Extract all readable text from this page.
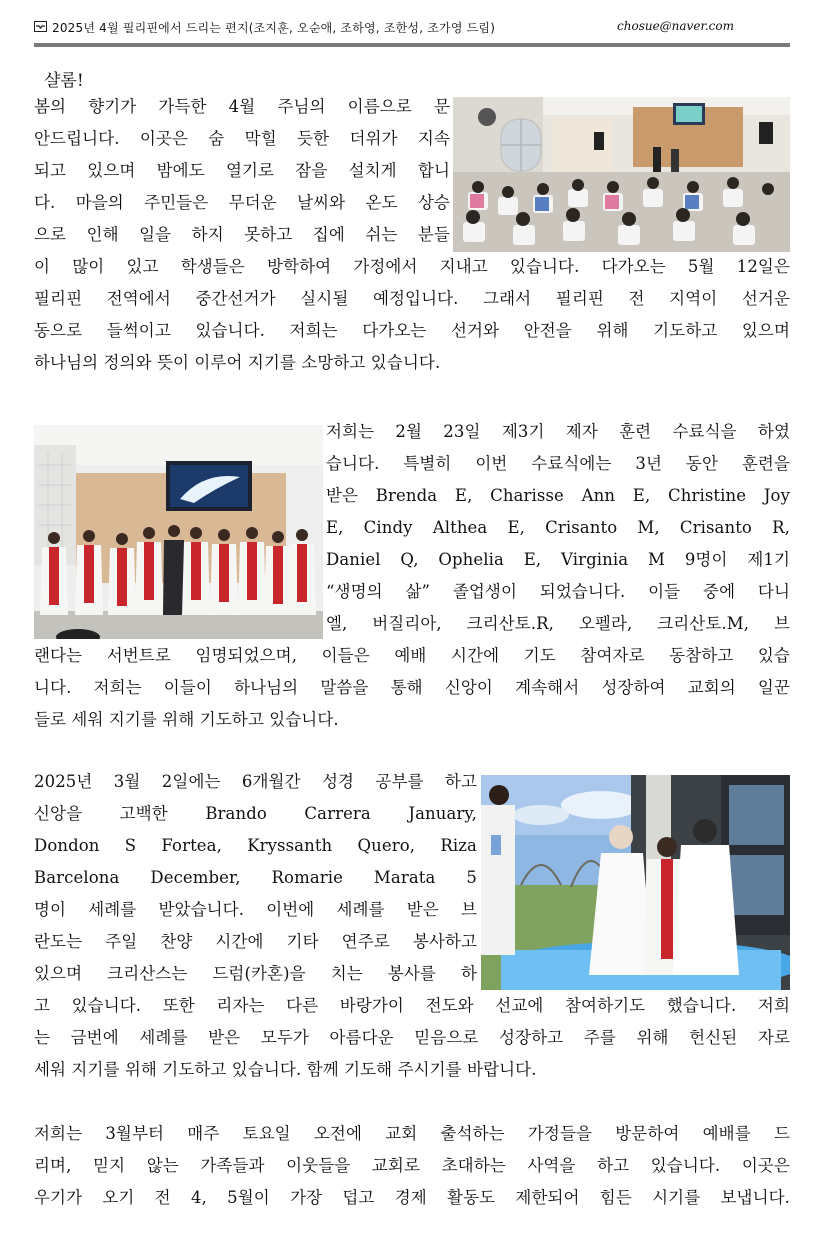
2025년 4월 필리핀에서 드리는 편지(조지훈, 오순애, 조하영, 조한성, 조가영 드림)	chosue@naver.com
샬롬!
봄의 향기가 가득한 4월 주님의 이름으로 문
안드립니다. 이곳은 숨 막힐 듯한 더위가 지속
되고 있으며 밤에도 열기로 잠을 설치게 합니
다. 마을의 주민들은 무더운 날씨와 온도 상승
으로 인해 일을 하지 못하고 집에 쉬는 분들
이 많이 있고 학생들은 방학하여 가정에서 지내고 있습니다. 다가오는 5월 12일은
필리핀 전역에서 중간선거가 실시될 예정입니다. 그래서 필리핀 전 지역이 선거운
동으로 들썩이고 있습니다. 저희는 다가오는 선거와 안전을 위해 기도하고 있으며
하나님의 정의와 뜻이 이루어 지기를 소망하고 있습니다.
저희는 2월 23일 제3기 제자 훈련 수료식을 하였
습니다. 특별히 이번 수료식에는 3년 동안 훈련을
받은 Brenda E, Charisse Ann E, Christine Joy
E, Cindy Althea E, Crisanto M, Crisanto R,
Daniel Q, Ophelia E, Virginia M 9명이 제1기
“생명의 삶” 졸업생이 되었습니다. 이들 중에 다니
엘, 버질리아, 크리산토.R, 오펠라, 크리산토.M, 브
랜다는 서번트로 임명되었으며, 이들은 예배 시간에 기도 참여자로 동참하고 있습
니다. 저희는 이들이 하나님의 말씀을 통해 신앙이 계속해서 성장하여 교회의 일꾼
들로 세워 지기를 위해 기도하고 있습니다.
2025년 3월 2일에는 6개월간 성경 공부를 하고
신앙을 고백한 Brando Carrera January,
Dondon S Fortea, Kryssanth Quero, Riza
Barcelona December, Romarie Marata 5
명이 세례를 받았습니다. 이번에 세례를 받은 브
란도는 주일 찬양 시간에 기타 연주로 봉사하고
있으며 크리산스는 드럼(카혼)을 치는 봉사를 하
고 있습니다. 또한 리자는 다른 바랑가이 전도와 선교에 참여하기도 했습니다. 저희
는 금번에 세례를 받은 모두가 아름다운 믿음으로 성장하고 주를 위해 헌신된 자로
세워 지기를 위해 기도하고 있습니다. 함께 기도해 주시기를 바랍니다.
저희는 3월부터 매주 토요일 오전에 교회 출석하는 가정들을 방문하여 예배를 드
리며, 믿지 않는 가족들과 이웃들을 교회로 초대하는 사역을 하고 있습니다. 이곳은
우기가 오기 전 4, 5월이 가장 덥고 경제 활동도 제한되어 힘든 시기를 보냅니다.
